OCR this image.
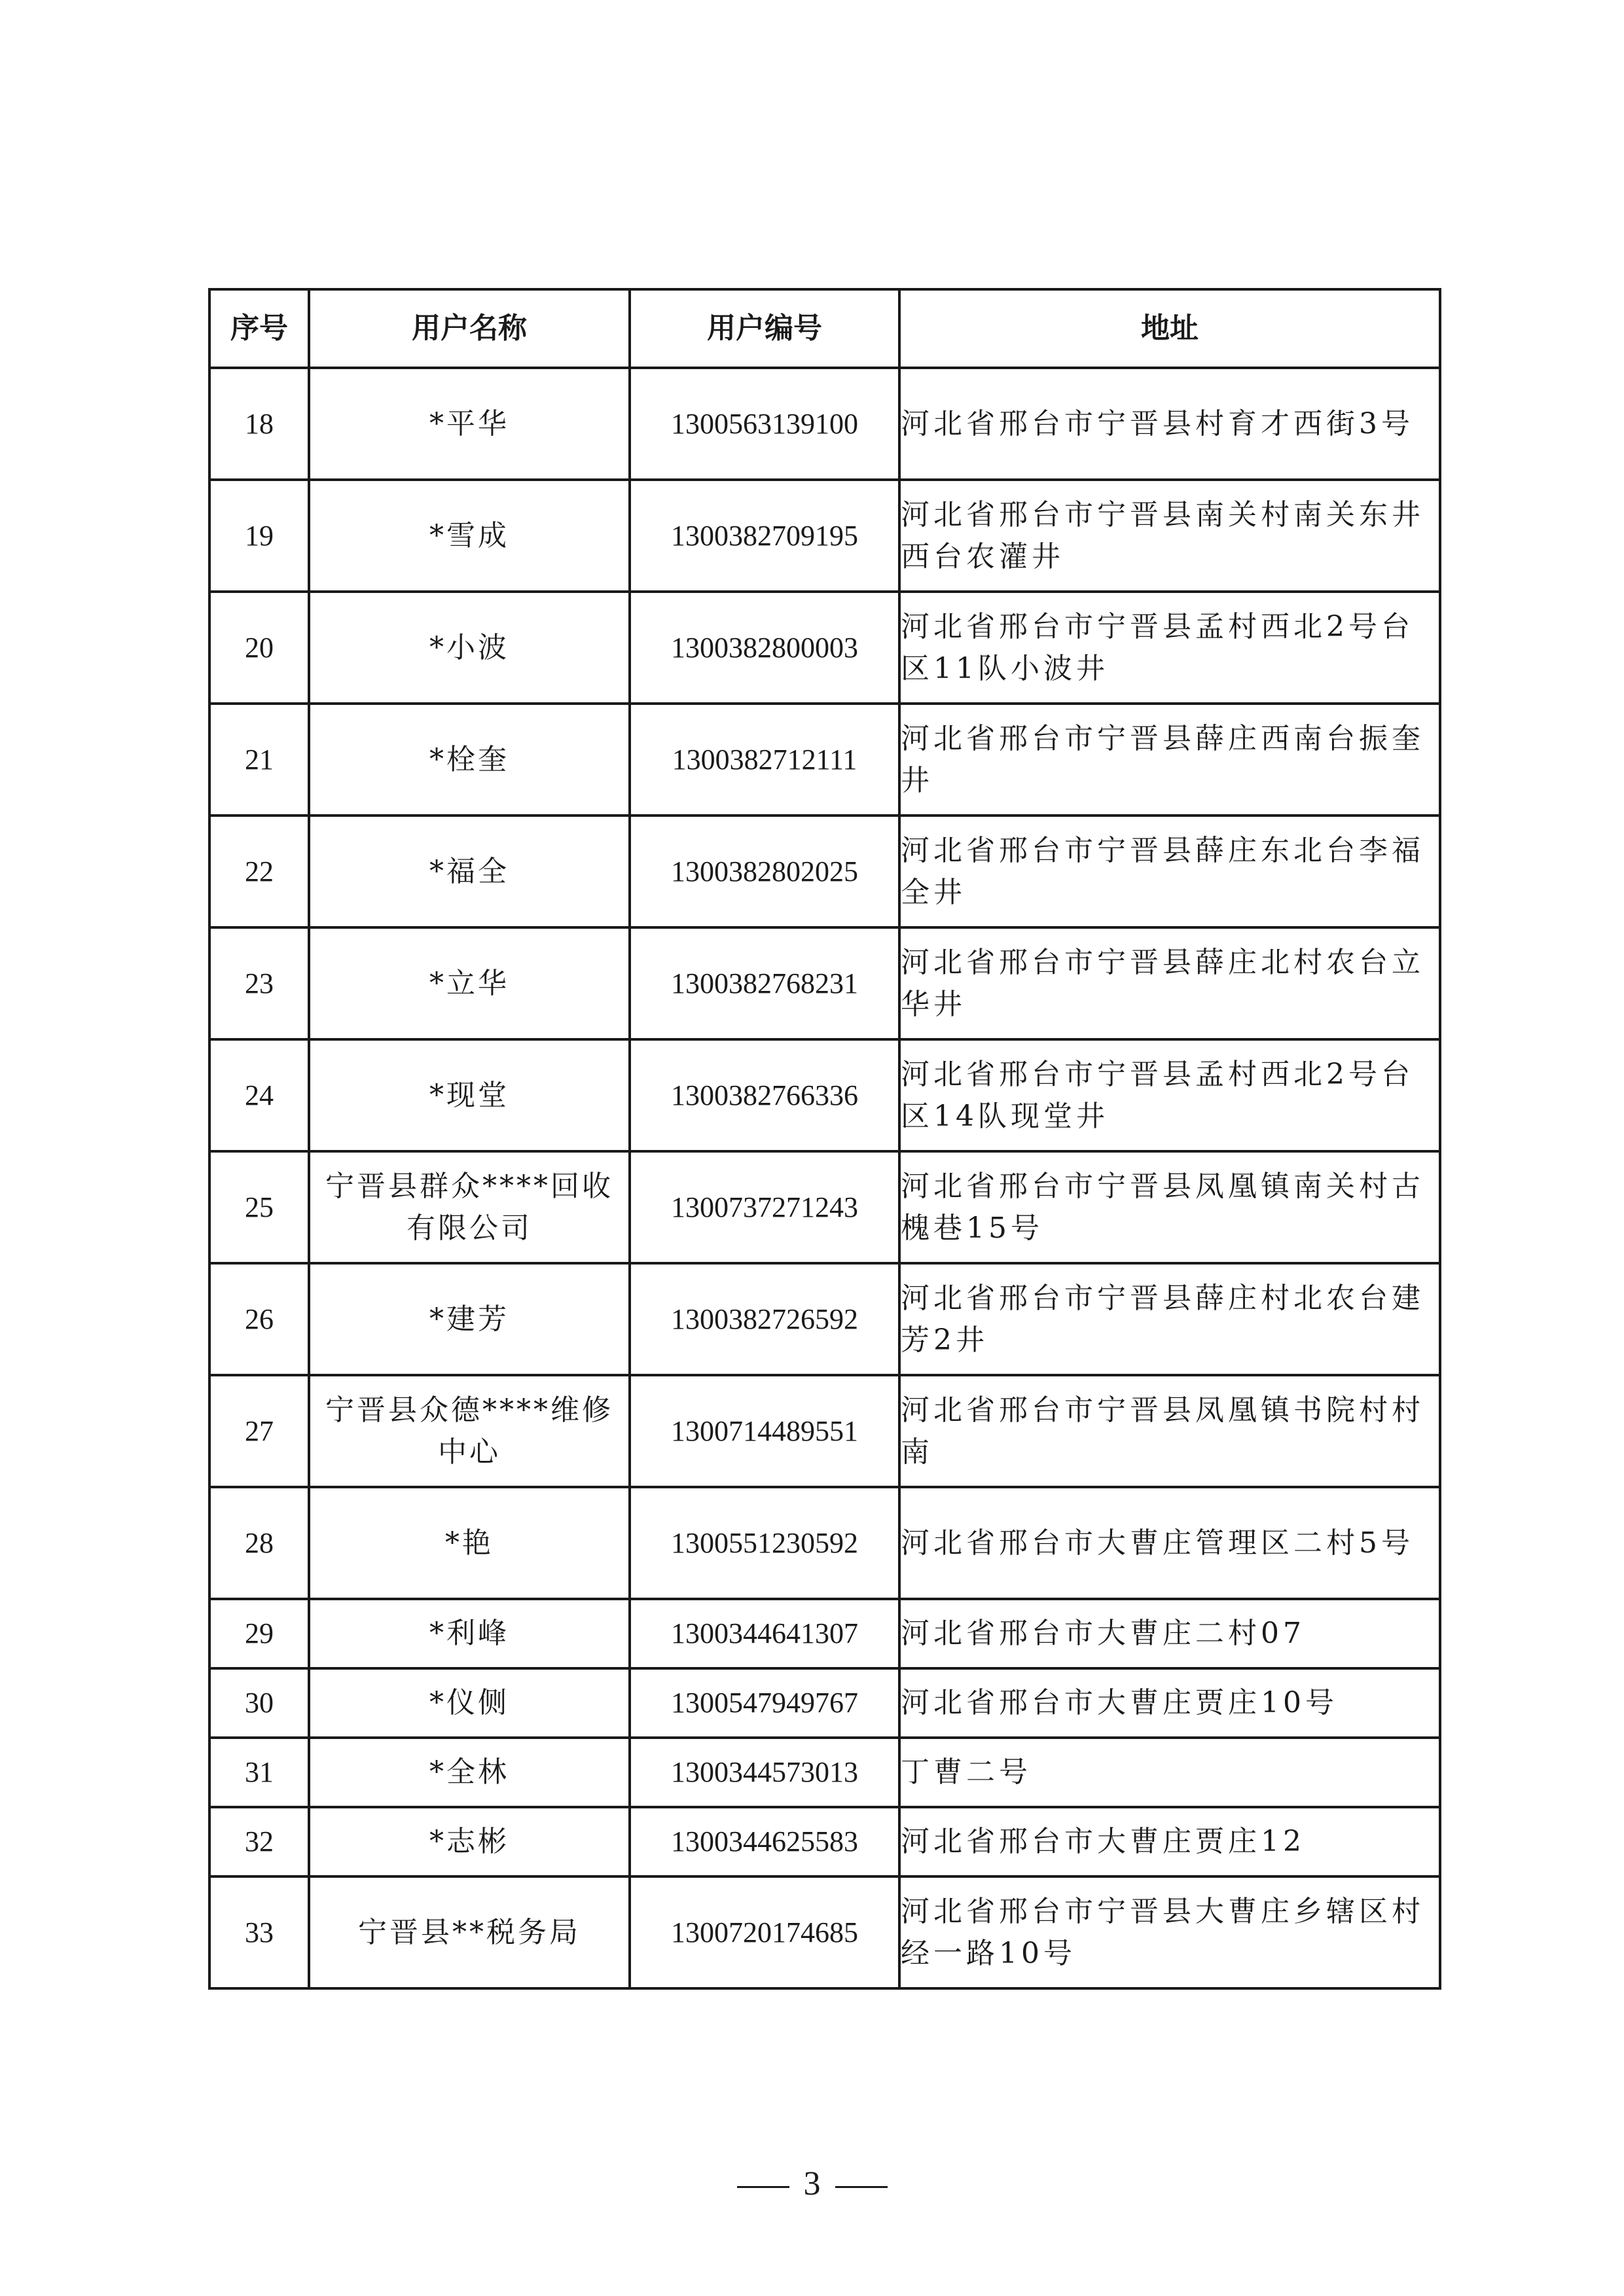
序号	用户名称	用户编号	地址
18	*平华	1300563139100	河北省邢台市宁晋县村育才西街3号
19	*雪成	1300382709195	河北省邢台市宁晋县南关村南关东井西台农灌井
20	*小波	1300382800003	河北省邢台市宁晋县孟村西北2号台区11队小波井
21	*栓奎	1300382712111	河北省邢台市宁晋县薛庄西南台振奎井
22	*福全	1300382802025	河北省邢台市宁晋县薛庄东北台李福全井
23	*立华	1300382768231	河北省邢台市宁晋县薛庄北村农台立华井
24	*现堂	1300382766336	河北省邢台市宁晋县孟村西北2号台区14队现堂井
25	宁晋县群众****回收有限公司	1300737271243	河北省邢台市宁晋县凤凰镇南关村古槐巷15号
26	*建芳	1300382726592	河北省邢台市宁晋县薛庄村北农台建芳2井
27	宁晋县众德****维修中心	1300714489551	河北省邢台市宁晋县凤凰镇书院村村南
28	*艳	1300551230592	河北省邢台市大曹庄管理区二村5号
29	*利峰	1300344641307	河北省邢台市大曹庄二村07
30	*仪侧	1300547949767	河北省邢台市大曹庄贾庄10号
31	*全林	1300344573013	丁曹二号
32	*志彬	1300344625583	河北省邢台市大曹庄贾庄12
33	宁晋县**税务局	1300720174685	河北省邢台市宁晋县大曹庄乡辖区村经一路10号
3
